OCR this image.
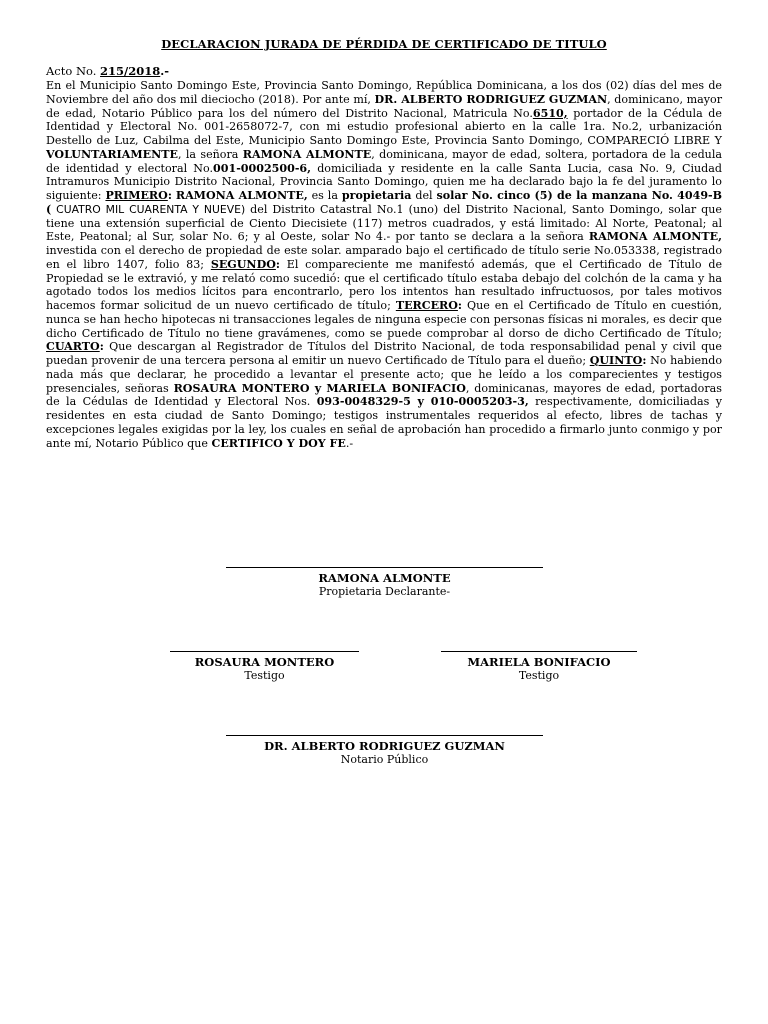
DECLARACION JURADA DE PÉRDIDA DE CERTIFICADO DE TITULO
Acto No. 215/2018.-
En el Municipio Santo Domingo Este, Provincia Santo Domingo, República Dominicana, a los dos (02) días del mes de Noviembre del año dos mil dieciocho (2018). Por ante mí, DR. ALBERTO RODRIGUEZ GUZMAN, dominicano, mayor de edad, Notario Público para los del número del Distrito Nacional, Matricula No.6510, portador de la Cédula de Identidad y Electoral No. 001-2658072-7, con mi estudio profesional abierto en la calle 1ra. No.2, urbanización Destello de Luz, Cabilma del Este, Municipio Santo Domingo Este, Provincia Santo Domingo, COMPARECIÓ LIBRE Y VOLUNTARIAMENTE, la señora RAMONA ALMONTE, dominicana, mayor de edad, soltera, portadora de la cedula de identidad y electoral No.001-0002500-6, domiciliada y residente en la calle Santa Lucia, casa No. 9, Ciudad Intramuros Municipio Distrito Nacional, Provincia Santo Domingo, quien me ha declarado bajo la fe del juramento lo siguiente: PRIMERO: RAMONA ALMONTE, es la propietaria del solar No. cinco (5) de la manzana No. 4049-B ( CUATRO MIL CUARENTA Y NUEVE) del Distrito Catastral No.1 (uno) del Distrito Nacional, Santo Domingo, solar que tiene una extensión superficial de Ciento Diecisiete (117) metros cuadrados, y está limitado: Al Norte, Peatonal; al Este, Peatonal; al Sur, solar No. 6; y al Oeste, solar No 4.- por tanto se declara a la señora RAMONA ALMONTE, investida con el derecho de propiedad de este solar. amparado bajo el certificado de título serie No.053338, registrado en el libro 1407, folio 83; SEGUNDO: El compareciente me manifestó además, que el Certificado de Título de Propiedad se le extravió, y me relató como sucedió: que el certificado título estaba debajo del colchón de la cama y ha agotado todos los medios lícitos para encontrarlo, pero los intentos han resultado infructuosos, por tales motivos hacemos formar solicitud de un nuevo certificado de título; TERCERO: Que en el Certificado de Título en cuestión, nunca se han hecho hipotecas ni transacciones legales de ninguna especie con personas físicas ni morales, es decir que dicho Certificado de Título no tiene gravámenes, como se puede comprobar al dorso de dicho Certificado de Título; CUARTO: Que descargan al Registrador de Títulos del Distrito Nacional, de toda responsabilidad penal y civil que puedan provenir de una tercera persona al emitir un nuevo Certificado de Título para el dueño; QUINTO: No habiendo nada más que declarar, he procedido a levantar el presente acto; que he leído a los comparecientes y testigos presenciales, señoras ROSAURA MONTERO y MARIELA BONIFACIO, dominicanas, mayores de edad, portadoras de la Cédulas de Identidad y Electoral Nos. 093-0048329-5 y 010-0005203-3, respectivamente, domiciliadas y residentes en esta ciudad de Santo Domingo; testigos instrumentales requeridos al efecto, libres de tachas y excepciones legales exigidas por la ley, los cuales en señal de aprobación han procedido a firmarlo junto conmigo y por ante mí, Notario Público que CERTIFICO Y DOY FE.-
RAMONA ALMONTE
Propietaria Declarante-
ROSAURA MONTERO
Testigo
MARIELA BONIFACIO
Testigo
DR. ALBERTO RODRIGUEZ GUZMAN
Notario Público
